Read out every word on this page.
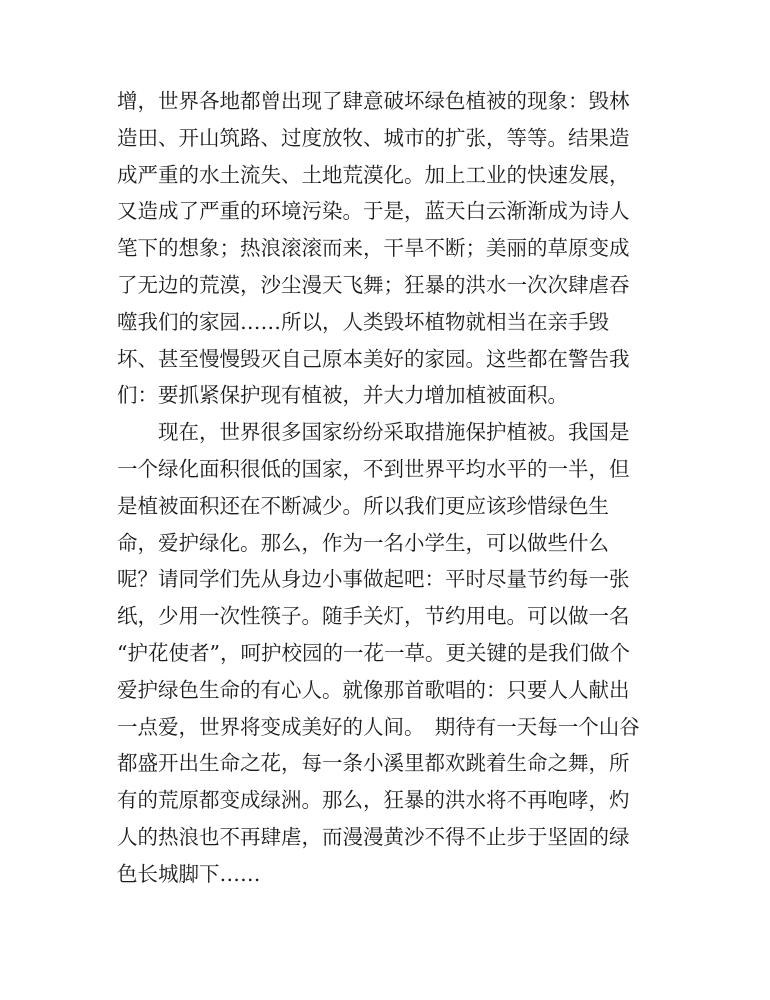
增，世界各地都曾出现了肆意破坏绿色植被的现象：毁林
造田、开山筑路、过度放牧、城市的扩张，等等。结果造
成严重的水土流失、土地荒漠化。加上工业的快速发展，
又造成了严重的环境污染。于是，蓝天白云渐渐成为诗人
笔下的想象；热浪滚滚而来，干旱不断；美丽的草原变成
了无边的荒漠，沙尘漫天飞舞；狂暴的洪水一次次肆虐吞
噬我们的家园……所以，人类毁坏植物就相当在亲手毁
坏、甚至慢慢毁灭自己原本美好的家园。这些都在警告我
们：要抓紧保护现有植被，并大力增加植被面积。
　　现在，世界很多国家纷纷采取措施保护植被。我国是
一个绿化面积很低的国家，不到世界平均水平的一半，但
是植被面积还在不断减少。所以我们更应该珍惜绿色生
命，爱护绿化。那么，作为一名小学生，可以做些什么
呢？请同学们先从身边小事做起吧：平时尽量节约每一张
纸，少用一次性筷子。随手关灯，节约用电。可以做一名
“护花使者”，呵护校园的一花一草。更关键的是我们做个
爱护绿色生命的有心人。就像那首歌唱的：只要人人献出
一点爱，世界将变成美好的人间。　期待有一天每一个山谷
都盛开出生命之花，每一条小溪里都欢跳着生命之舞，所
有的荒原都变成绿洲。那么，狂暴的洪水将不再咆哮，灼
人的热浪也不再肆虐，而漫漫黄沙不得不止步于坚固的绿
色长城脚下……
